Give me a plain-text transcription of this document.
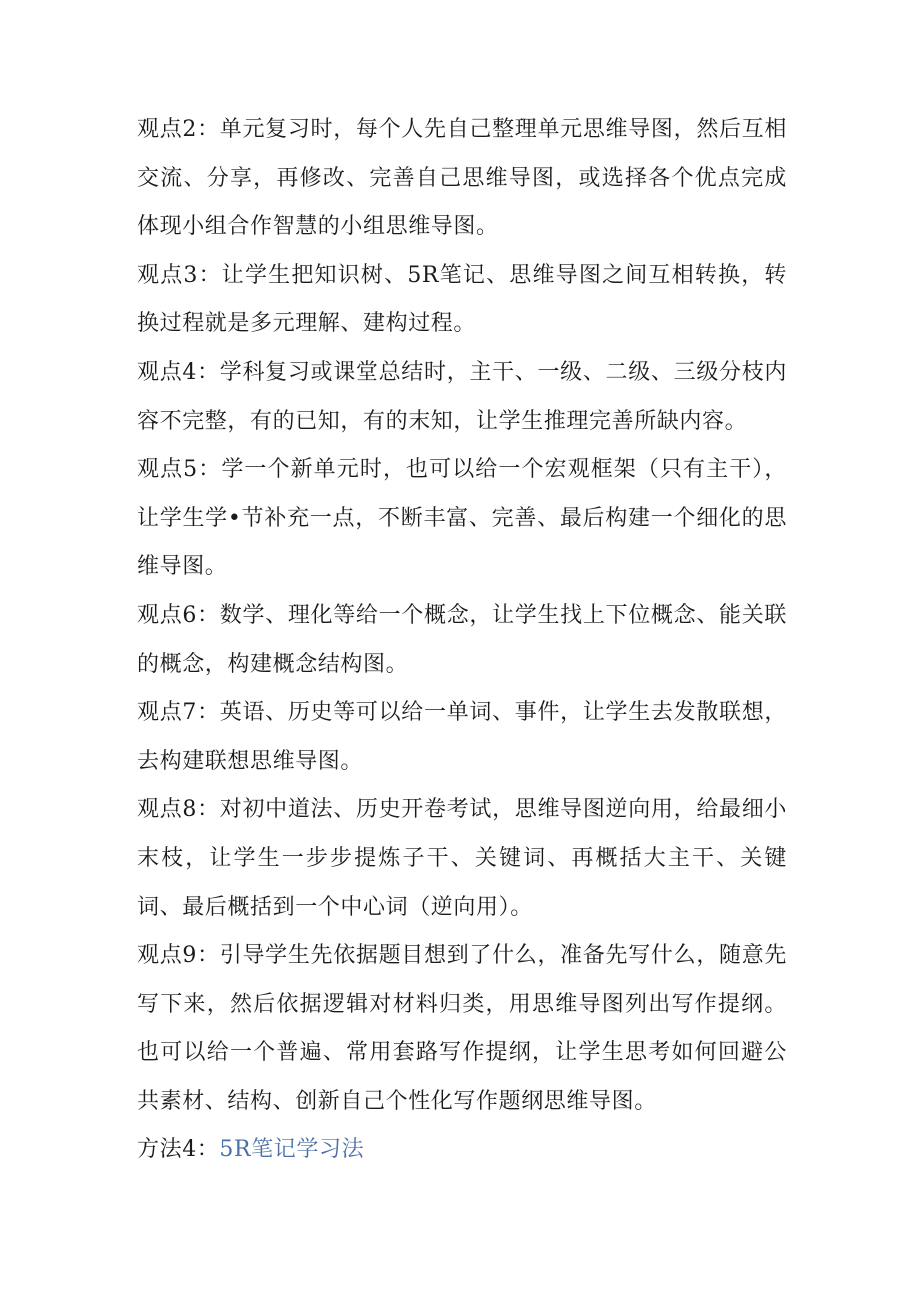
观点2：单元复习时，每个人先自己整理单元思维导图，然后互相交流、分享，再修改、完善自己思维导图，或选择各个优点完成体现小组合作智慧的小组思维导图。

观点3：让学生把知识树、5R笔记、思维导图之间互相转换，转换过程就是多元理解、建构过程。

观点4：学科复习或课堂总结时，主干、一级、二级、三级分枝内容不完整，有的已知，有的末知，让学生推理完善所缺内容。

观点5：学一个新单元时，也可以给一个宏观框架（只有主干），让学生学•节补充一点，不断丰富、完善、最后构建一个细化的思维导图。

观点6：数学、理化等给一个概念，让学生找上下位概念、能关联的概念，构建概念结构图。

观点7：英语、历史等可以给一单词、事件，让学生去发散联想，去构建联想思维导图。

观点8：对初中道法、历史开卷考试，思维导图逆向用，给最细小末枝，让学生一步步提炼子干、关键词、再概括大主干、关键词、最后概括到一个中心词（逆向用）。

观点9：引导学生先依据题目想到了什么，准备先写什么，随意先写下来，然后依据逻辑对材料归类，用思维导图列出写作提纲。也可以给一个普遍、常用套路写作提纲，让学生思考如何回避公共素材、结构、创新自己个性化写作题纲思维导图。

方法4：5R笔记学习法
